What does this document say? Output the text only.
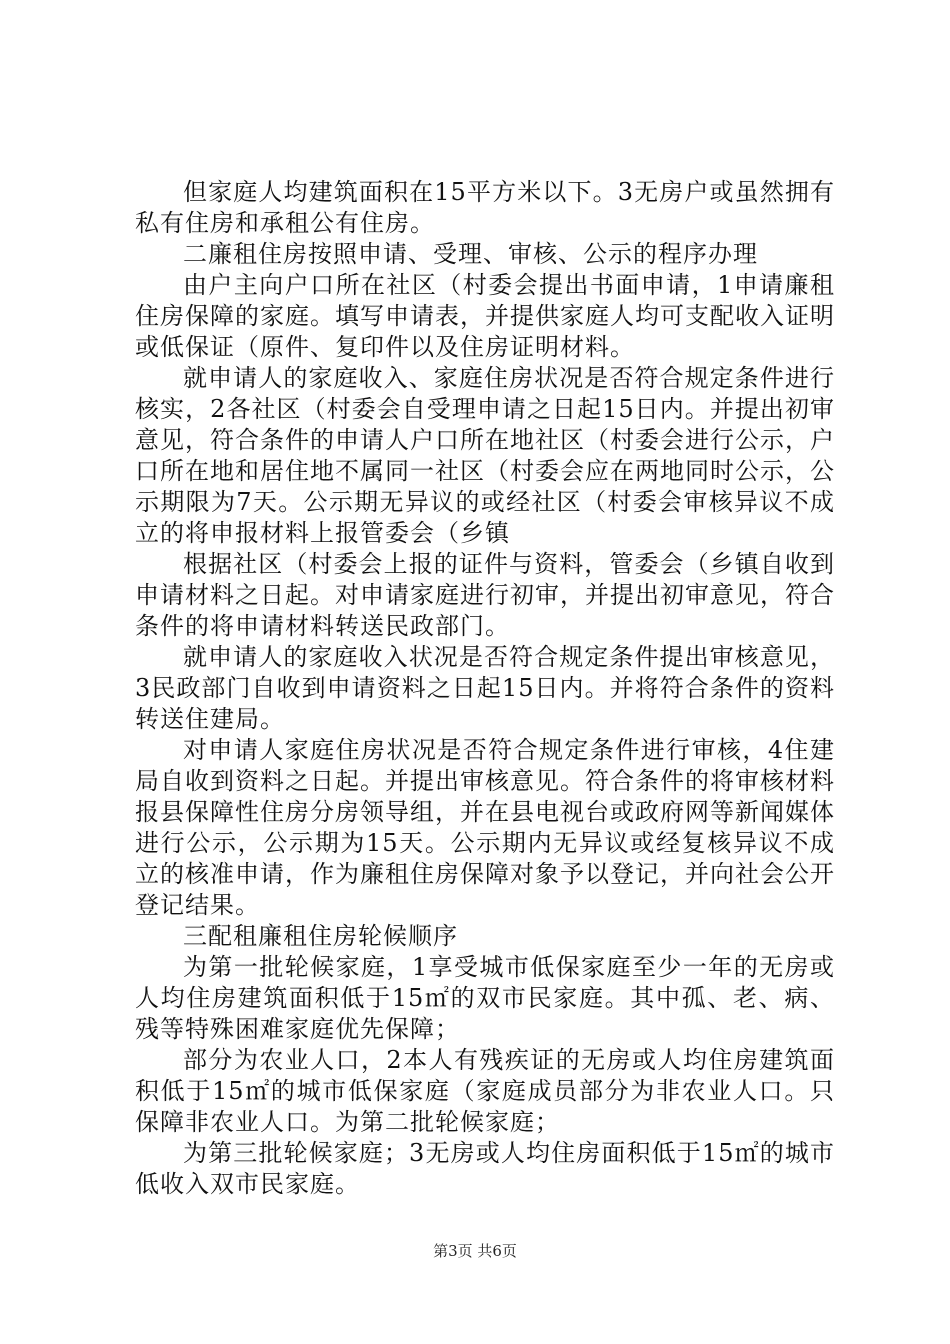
但家庭人均建筑面积在15平方米以下。3无房户或虽然拥有私有住房和承租公有住房。

二廉租住房按照申请、受理、审核、公示的程序办理

由户主向户口所在社区（村委会提出书面申请，1申请廉租住房保障的家庭。填写申请表，并提供家庭人均可支配收入证明或低保证（原件、复印件以及住房证明材料。

就申请人的家庭收入、家庭住房状况是否符合规定条件进行核实，2各社区（村委会自受理申请之日起15日内。并提出初审意见，符合条件的申请人户口所在地社区（村委会进行公示，户口所在地和居住地不属同一社区（村委会应在两地同时公示，公示期限为7天。公示期无异议的或经社区（村委会审核异议不成立的将申报材料上报管委会（乡镇

根据社区（村委会上报的证件与资料，管委会（乡镇自收到申请材料之日起。对申请家庭进行初审，并提出初审意见，符合条件的将申请材料转送民政部门。

就申请人的家庭收入状况是否符合规定条件提出审核意见，3民政部门自收到申请资料之日起15日内。并将符合条件的资料转送住建局。

对申请人家庭住房状况是否符合规定条件进行审核，4住建局自收到资料之日起。并提出审核意见。符合条件的将审核材料报县保障性住房分房领导组，并在县电视台或政府网等新闻媒体进行公示，公示期为15天。公示期内无异议或经复核异议不成立的核准申请，作为廉租住房保障对象予以登记，并向社会公开登记结果。

三配租廉租住房轮候顺序

为第一批轮候家庭，1享受城市低保家庭至少一年的无房或人均住房建筑面积低于15㎡的双市民家庭。其中孤、老、病、残等特殊困难家庭优先保障；

部分为农业人口，2本人有残疾证的无房或人均住房建筑面积低于15㎡的城市低保家庭（家庭成员部分为非农业人口。只保障非农业人口。为第二批轮候家庭；

为第三批轮候家庭；3无房或人均住房面积低于15㎡的城市低收入双市民家庭。

第3页 共6页
